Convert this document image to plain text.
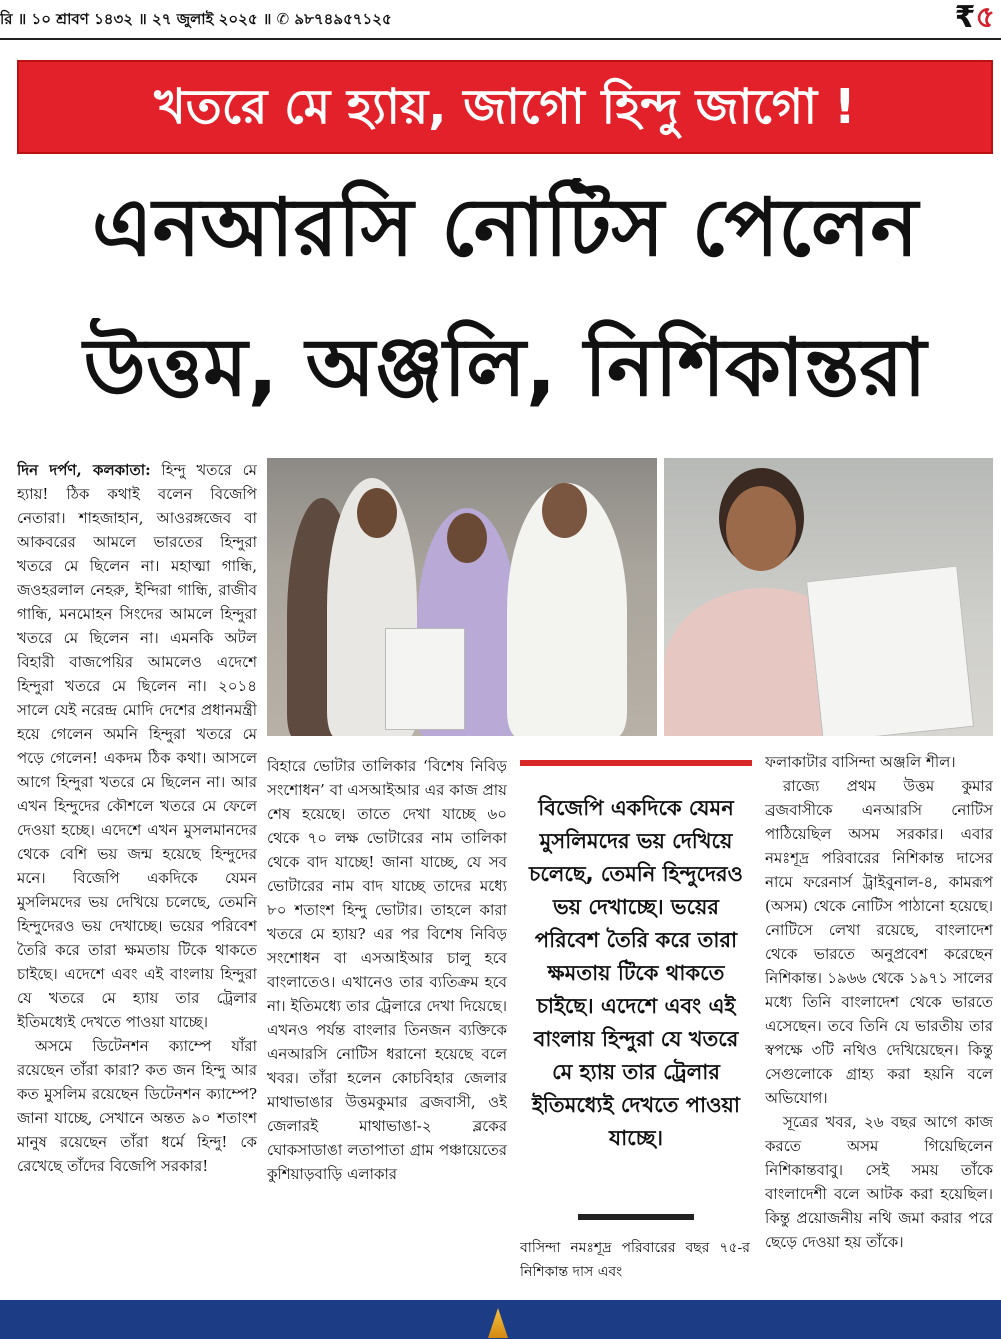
রি ॥ ১০ শ্রাবণ ১৪৩২ ॥ ২৭ জুলাই ২০২৫ ॥ ✆ ৯৮৭৪৯৫৭১২৫	₹৫
খতরে মে হ্যায়, জাগো হিন্দু জাগো !
এনআরসি নোটিস পেলেন
উত্তম, অঞ্জলি, নিশিকান্তরা

দিন দর্পণ, কলকাতা: হিন্দু খতরে মে হ্যায়! ঠিক কথাই বলেন বিজেপি নেতারা। শাহজাহান, আওরঙ্গজেব বা আকবরের আমলে ভারতের হিন্দুরা খতরে মে ছিলেন না। মহাত্মা গান্ধি, জওহরলাল নেহরু, ইন্দিরা গান্ধি, রাজীব গান্ধি, মনমোহন সিংদের আমলে হিন্দুরা খতরে মে ছিলেন না। এমনকি অটল বিহারী বাজপেয়ির আমলেও এদেশে হিন্দুরা খতরে মে ছিলেন না। ২০১৪ সালে যেই নরেন্দ্র মোদি দেশের প্রধানমন্ত্রী হয়ে গেলেন অমনি হিন্দুরা খতরে মে পড়ে গেলেন! একদম ঠিক কথা। আসলে আগে হিন্দুরা খতরে মে ছিলেন না। আর এখন হিন্দুদের কৌশলে খতরে মে ফেলে দেওয়া হচ্ছে। এদেশে এখন মুসলমানদের থেকে বেশি ভয় জন্ম হয়েছে হিন্দুদের মনে। বিজেপি একদিকে যেমন মুসলিমদের ভয় দেখিয়ে চলেছে, তেমনি হিন্দুদেরও ভয় দেখাচ্ছে। ভয়ের পরিবেশ তৈরি করে তারা ক্ষমতায় টিকে থাকতে চাইছে। এদেশে এবং এই বাংলায় হিন্দুরা যে খতরে মে হ্যায় তার ট্রেলার ইতিমধ্যেই দেখতে পাওয়া যাচ্ছে।

অসমে ডিটেনশন ক্যাম্পে যাঁরা রয়েছেন তাঁরা কারা? কত জন হিন্দু আর কত মুসলিম রয়েছেন ডিটেনশন ক্যাম্পে? জানা যাচ্ছে, সেখানে অন্তত ৯০ শতাংশ মানুষ রয়েছেন তাঁরা ধর্মে হিন্দু! কে রেখেছে তাঁদের বিজেপি সরকার!

বিহারে ভোটার তালিকার ‘বিশেষ নিবিড় সংশোধন’ বা এসআইআর এর কাজ প্রায় শেষ হয়েছে। তাতে দেখা যাচ্ছে ৬০ থেকে ৭০ লক্ষ ভোটারের নাম তালিকা থেকে বাদ যাচ্ছে! জানা যাচ্ছে, যে সব ভোটারের নাম বাদ যাচ্ছে তাদের মধ্যে ৮০ শতাংশ হিন্দু ভোটার। তাহলে কারা খতরে মে হ্যায়? এর পর বিশেষ নিবিড় সংশোধন বা এসআইআর চালু হবে বাংলাতেও। এখানেও তার ব্যতিক্রম হবে না। ইতিমধ্যে তার ট্রেলারে দেখা দিয়েছে। এখনও পর্যন্ত বাংলার তিনজন ব্যক্তিকে এনআরসি নোটিস ধরানো হয়েছে বলে খবর। তাঁরা হলেন কোচবিহার জেলার মাথাভাঙার উত্তমকুমার ব্রজবাসী, ওই জেলারই মাথাভাঙা-২ ব্লকের ঘোকসাডাঙা লতাপাতা গ্রাম পঞ্চায়েতের কুশিয়াড়বাড়ি এলাকার

বিজেপি একদিকে যেমন মুসলিমদের ভয় দেখিয়ে চলেছে, তেমনি হিন্দুদেরও ভয় দেখাচ্ছে। ভয়ের পরিবেশ তৈরি করে তারা ক্ষমতায় টিকে থাকতে চাইছে। এদেশে এবং এই বাংলায় হিন্দুরা যে খতরে মে হ্যায় তার ট্রেলার ইতিমধ্যেই দেখতে পাওয়া যাচ্ছে।

বাসিন্দা নমঃশূদ্র পরিবারের বছর ৭৫-র নিশিকান্ত দাস এবং

ফলাকাটার বাসিন্দা অঞ্জলি শীল।

রাজ্যে প্রথম উত্তম কুমার ব্রজবাসীকে এনআরসি নোটিস পাঠিয়েছিল অসম সরকার। এবার নমঃশূদ্র পরিবারের নিশিকান্ত দাসের নামে ফরেনার্স ট্রাইবুনাল-৪, কামরূপ (অসম) থেকে নোটিস পাঠানো হয়েছে। নোটিসে লেখা রয়েছে, বাংলাদেশ থেকে ভারতে অনুপ্রবেশ করেছেন নিশিকান্ত। ১৯৬৬ থেকে ১৯৭১ সালের মধ্যে তিনি বাংলাদেশ থেকে ভারতে এসেছেন। তবে তিনি যে ভারতীয় তার স্বপক্ষে ৩টি নথিও দেখিয়েছেন। কিন্তু সেগুলোকে গ্রাহ্য করা হয়নি বলে অভিযোগ।

সূত্রের খবর, ২৬ বছর আগে কাজ করতে অসম গিয়েছিলেন নিশিকান্তবাবু। সেই সময় তাঁকে বাংলাদেশী বলে আটক করা হয়েছিল। কিন্তু প্রয়োজনীয় নথি জমা করার পরে ছেড়ে দেওয়া হয় তাঁকে।
